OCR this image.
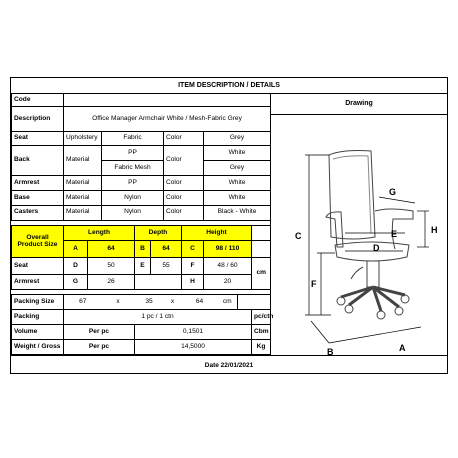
ITEM DESCRIPTION / DETAILS
Code											
Description	Office Manager Armchair White / Mesh-Fabric Grey										
Seat	Upholstery		Fabric			Color		Grey			
Back	Material		PP			Color		White			
			Fabric Mesh					Grey			
Armrest	Material		PP			Color		White			
Base	Material		Nylon			Color		White			
Casters	Material		Nylon			Color		Black - White			

Overall Product Size	Length			Depth			Height				
	A	64		B	64		C	98 / 110			
Seat	D	50		E	55		F	48 / 60			cm
Armrest	G	26					H	20			

Packing Size	67		x	35		x	64		cm		
Packing	1 pc / 1 ctn										pc/ctn
Volume	Per pc			0,1501							Cbm
Weight / Gross	Per pc			14,5000							Kg
Drawing
C
F
G
H
E
D
B	A
Date 22/01/2021
